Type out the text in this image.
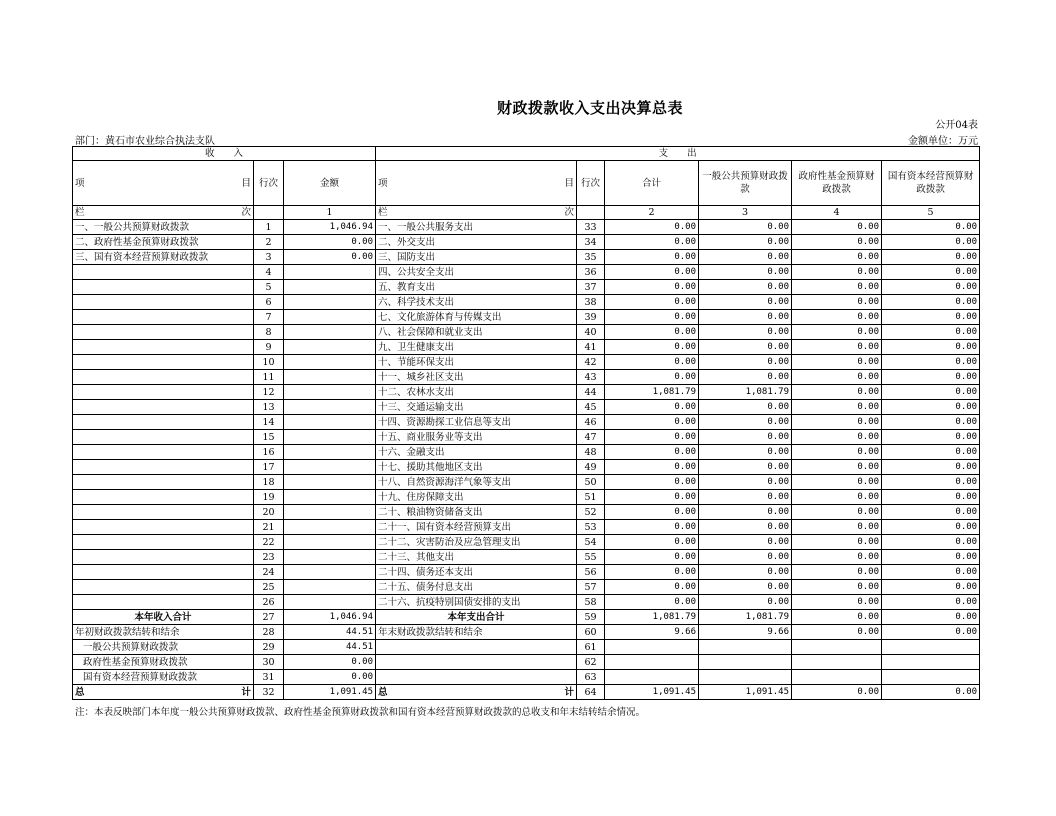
财政拨款收入支出决算总表
公开04表
部门：黄石市农业综合执法支队	金额单位：万元
收　　入			支　　出					

项 目	行次	金额	项 目	行次	合计	一般公共预算财政拨款	政府性基金预算财政拨款	国有资本经营预算财政拨款

栏 次		1	栏 次		2	3	4	5
一、一般公共预算财政拨款	1	1,046.94	一、一般公共服务支出	33	0.00	0.00	0.00	0.00
二、政府性基金预算财政拨款	2	0.00	二、外交支出	34	0.00	0.00	0.00	0.00
三、国有资本经营预算财政拨款	3	0.00	三、国防支出	35	0.00	0.00	0.00	0.00
	4		四、公共安全支出	36	0.00	0.00	0.00	0.00
	5		五、教育支出	37	0.00	0.00	0.00	0.00
	6		六、科学技术支出	38	0.00	0.00	0.00	0.00
	7		七、文化旅游体育与传媒支出	39	0.00	0.00	0.00	0.00
	8		八、社会保障和就业支出	40	0.00	0.00	0.00	0.00
	9		九、卫生健康支出	41	0.00	0.00	0.00	0.00
	10		十、节能环保支出	42	0.00	0.00	0.00	0.00
	11		十一、城乡社区支出	43	0.00	0.00	0.00	0.00
	12		十二、农林水支出	44	1,081.79	1,081.79	0.00	0.00
	13		十三、交通运输支出	45	0.00	0.00	0.00	0.00
	14		十四、资源勘探工业信息等支出	46	0.00	0.00	0.00	0.00
	15		十五、商业服务业等支出	47	0.00	0.00	0.00	0.00
	16		十六、金融支出	48	0.00	0.00	0.00	0.00
	17		十七、援助其他地区支出	49	0.00	0.00	0.00	0.00
	18		十八、自然资源海洋气象等支出	50	0.00	0.00	0.00	0.00
	19		十九、住房保障支出	51	0.00	0.00	0.00	0.00
	20		二十、粮油物资储备支出	52	0.00	0.00	0.00	0.00
	21		二十一、国有资本经营预算支出	53	0.00	0.00	0.00	0.00
	22		二十二、灾害防治及应急管理支出	54	0.00	0.00	0.00	0.00
	23		二十三、其他支出	55	0.00	0.00	0.00	0.00
	24		二十四、债务还本支出	56	0.00	0.00	0.00	0.00
	25		二十五、债务付息支出	57	0.00	0.00	0.00	0.00
	26		二十六、抗疫特别国债安排的支出	58	0.00	0.00	0.00	0.00
本年收入合计	27	1,046.94	本年支出合计	59	1,081.79	1,081.79	0.00	0.00
年初财政拨款结转和结余	28	44.51	年末财政拨款结转和结余	60	9.66	9.66	0.00	0.00
一般公共预算财政拨款	29	44.51		61				
政府性基金预算财政拨款	30	0.00		62				
国有资本经营预算财政拨款	31	0.00		63				

总 计	32	1,091.45	总 计	64	1,091.45	1,091.45	0.00	0.00
注：本表反映部门本年度一般公共预算财政拨款、政府性基金预算财政拨款和国有资本经营预算财政拨款的总收支和年末结转结余情况。
